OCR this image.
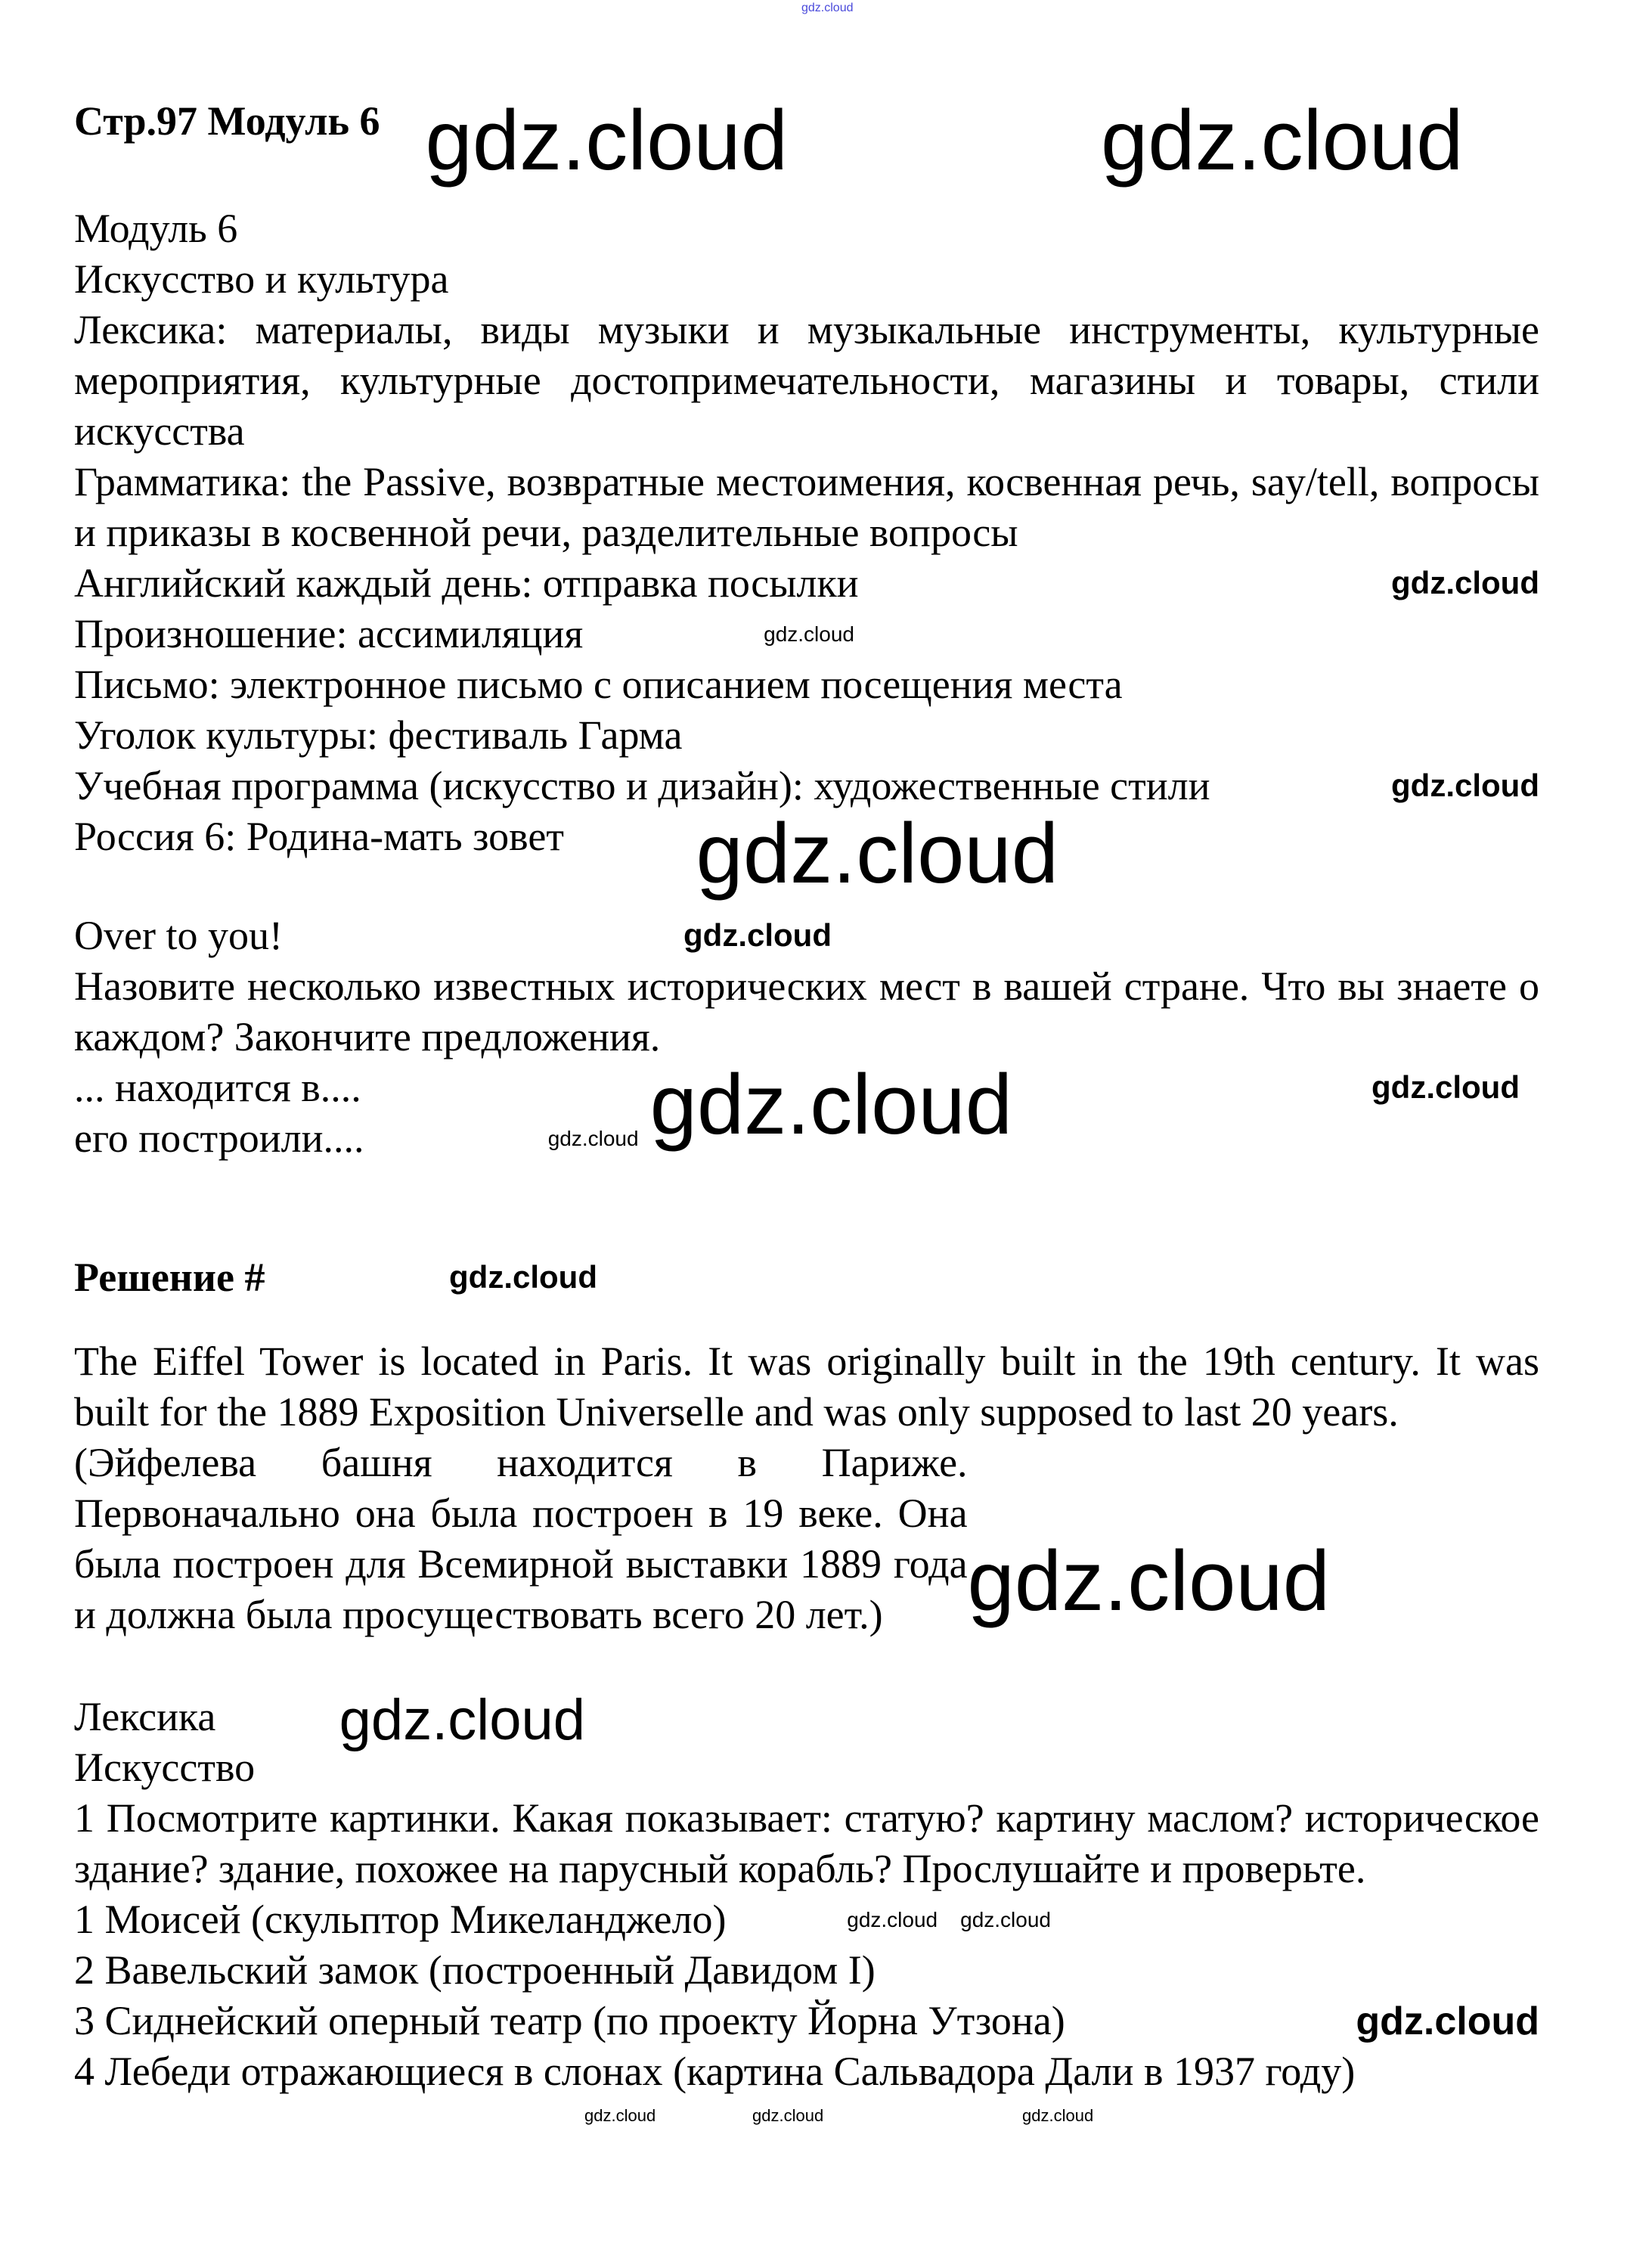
gdz.cloud
Стр.97 Модуль 6 gdz.cloud	gdz.cloud

Модуль 6

Искусство и культура

Лексика: материалы, виды музыки и музыкальные инструменты, культурные мероприятия, культурные достопримечательности, магазины и товары, стили искусства

Грамматика: the Passive, возвратные местоимения, косвенная речь, say/tell, вопросы и приказы в косвенной речи, разделительные вопросы

gdz.cloud
Английский каждый день: отправка посылки

gdz.cloud
Произношение: ассимиляция

Письмо: электронное письмо с описанием посещения места

Уголок культуры: фестиваль Гарма

gdz.cloud
Учебная программа (искусство и дизайн): художественные стили

gdz.cloud
Россия 6: Родина-мать зовет

gdz.cloud
Over to you!

Назовите несколько известных исторических мест в вашей стране. Что вы знаете о каждом? Закончите предложения.

gdz.cloud
gdz.cloud
... находится в....

gdz.cloud
его построили....

gdz.cloud
Решение #

The Eiffel Tower is located in Paris. It was originally built in the 19th century. It was built for the 1889 Exposition Universelle and was only supposed to last 20 years.

gdz.cloud
(Эйфелева башня находится в Париже. Первоначально она была построен в 19 веке. Она была построен для Всемирной выставки 1889 года и должна была просуществовать всего 20 лет.)

gdz.cloud
Лексика

Искусство

1 Посмотрите картинки. Какая показывает: статую? картину маслом? историческое здание? здание, похожее на парусный корабль? Прослушайте и проверьте.

gdz.cloud
gdz.cloud
1 Моисей (скульптор Микеланджело)

2 Вавельский замок (построенный Давидом I)

gdz.cloud
3 Сиднейский оперный театр (по проекту Йорна Утзона)

4 Лебеди отражающиеся в слонах (картина Сальвадора Дали в 1937 году)

gdz.cloud	gdz.cloud	gdz.cloud
